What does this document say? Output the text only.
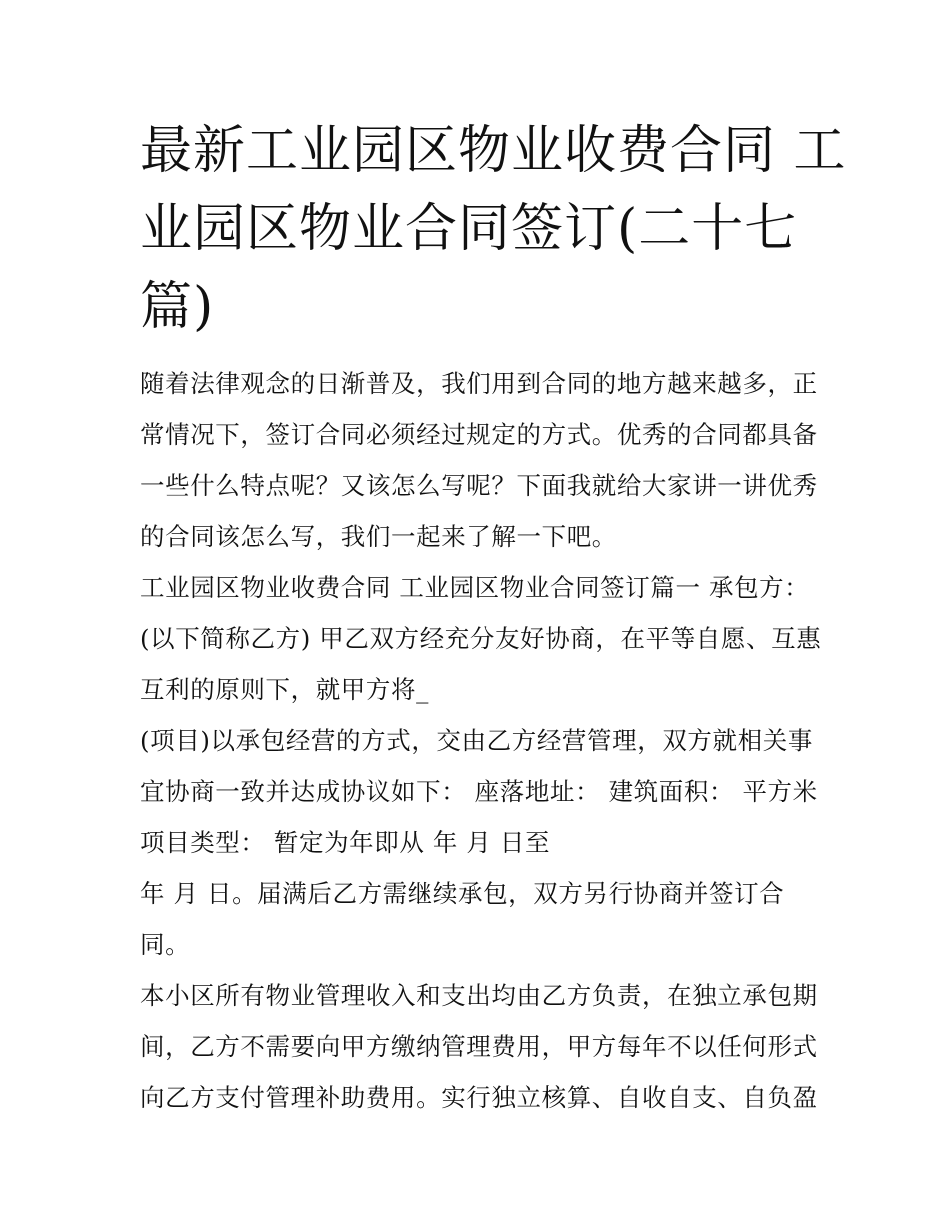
最新工业园区物业收费合同 工
业园区物业合同签订(二十七
篇)
随着法律观念的日渐普及，我们用到合同的地方越来越多，正
常情况下，签订合同必须经过规定的方式。优秀的合同都具备
一些什么特点呢？又该怎么写呢？下面我就给大家讲一讲优秀
的合同该怎么写，我们一起来了解一下吧。
工业园区物业收费合同 工业园区物业合同签订篇一 承包方：
(以下简称乙方) 甲乙双方经充分友好协商，在平等自愿、互惠
互利的原则下，就甲方将_
(项目)以承包经营的方式，交由乙方经营管理，双方就相关事
宜协商一致并达成协议如下： 座落地址： 建筑面积： 平方米
项目类型： 暂定为年即从 年 月 日至
年 月 日。届满后乙方需继续承包，双方另行协商并签订合
同。
本小区所有物业管理收入和支出均由乙方负责，在独立承包期
间，乙方不需要向甲方缴纳管理费用，甲方每年不以任何形式
向乙方支付管理补助费用。实行独立核算、自收自支、自负盈
